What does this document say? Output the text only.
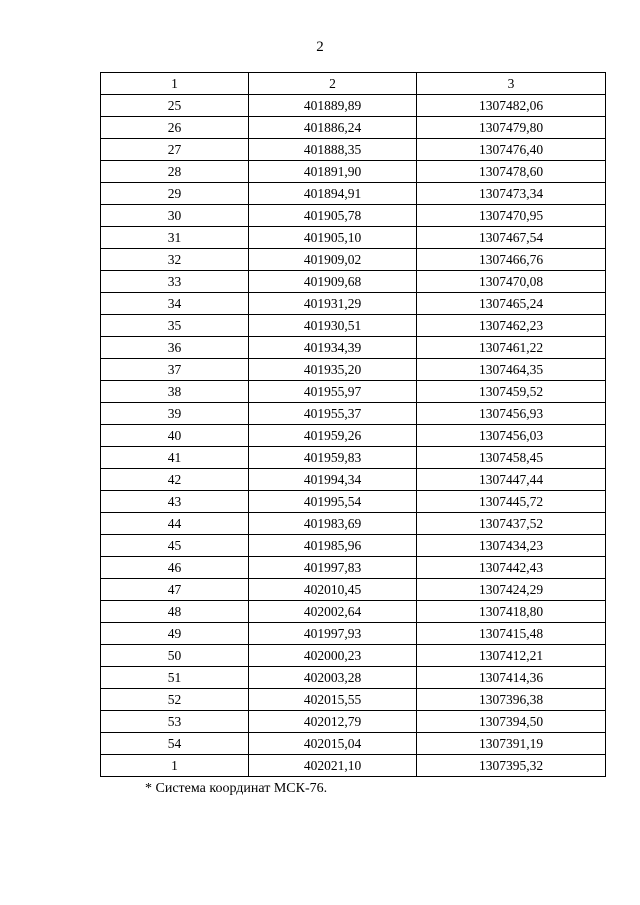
2
1	2	3
25	401889,89	1307482,06
26	401886,24	1307479,80
27	401888,35	1307476,40
28	401891,90	1307478,60
29	401894,91	1307473,34
30	401905,78	1307470,95
31	401905,10	1307467,54
32	401909,02	1307466,76
33	401909,68	1307470,08
34	401931,29	1307465,24
35	401930,51	1307462,23
36	401934,39	1307461,22
37	401935,20	1307464,35
38	401955,97	1307459,52
39	401955,37	1307456,93
40	401959,26	1307456,03
41	401959,83	1307458,45
42	401994,34	1307447,44
43	401995,54	1307445,72
44	401983,69	1307437,52
45	401985,96	1307434,23
46	401997,83	1307442,43
47	402010,45	1307424,29
48	402002,64	1307418,80
49	401997,93	1307415,48
50	402000,23	1307412,21
51	402003,28	1307414,36
52	402015,55	1307396,38
53	402012,79	1307394,50
54	402015,04	1307391,19
1	402021,10	1307395,32
* Система координат МСК-76.
